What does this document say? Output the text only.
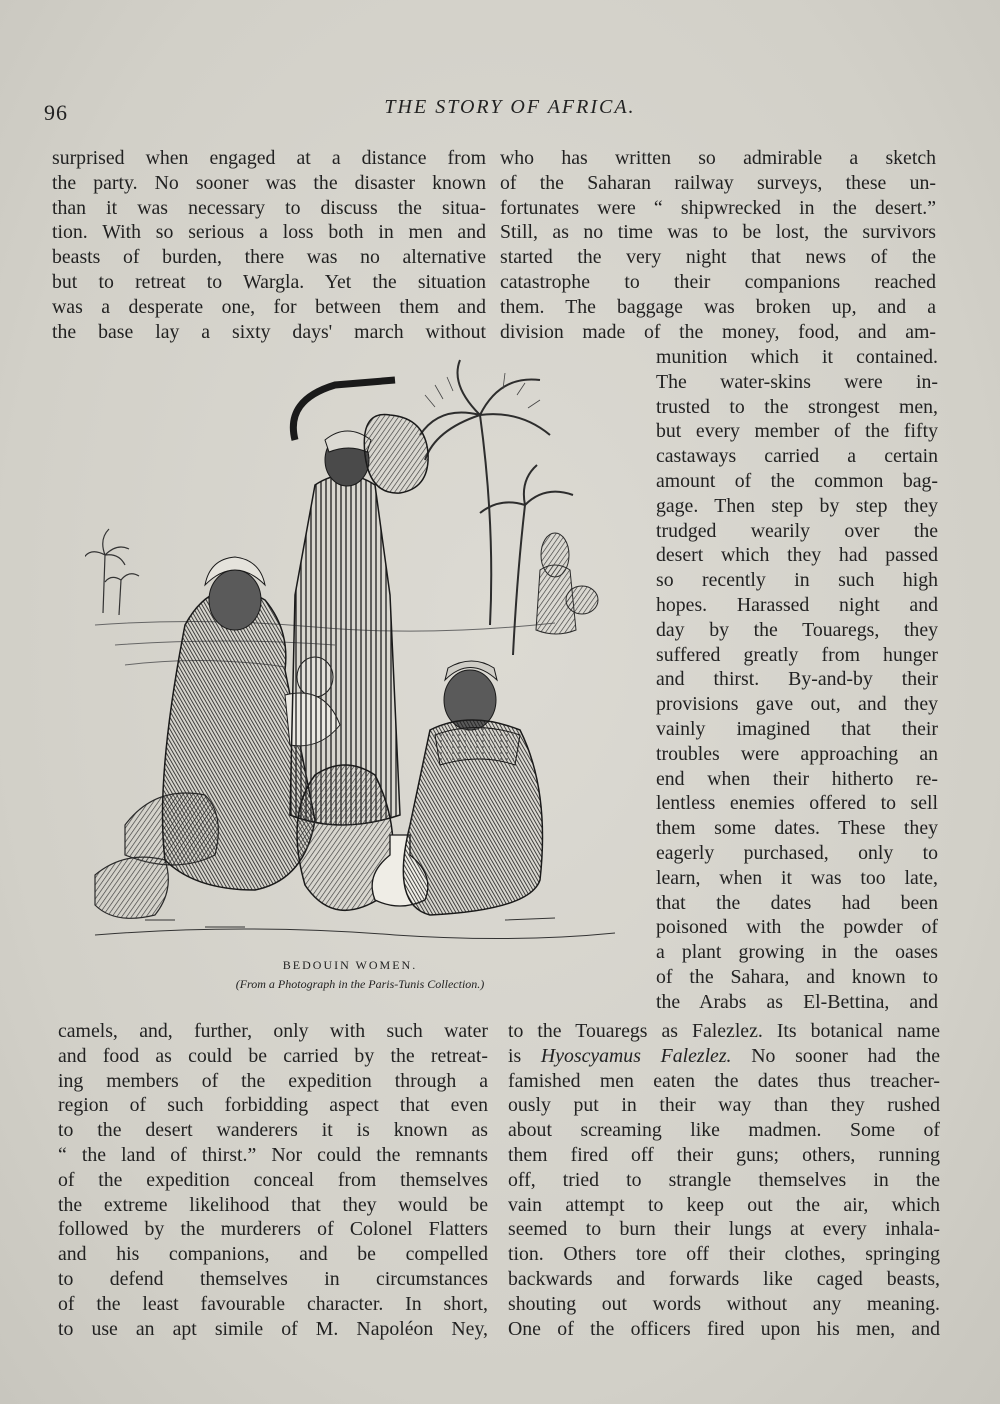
96	THE STORY OF AFRICA.
surprised when engaged at a distance from
the party. No sooner was the disaster known
than it was necessary to discuss the situa-
tion. With so serious a loss both in men and
beasts of burden, there was no alternative
but to retreat to Wargla. Yet the situation
was a desperate one, for between them and
the base lay a sixty days' march without
who has written so admirable a sketch
of the Saharan railway surveys, these un-
fortunates were “ shipwrecked in the desert.”
Still, as no time was to be lost, the survivors
started the very night that news of the
catastrophe to their companions reached
them. The baggage was broken up, and a
division made of the money, food, and am-
munition which it contained.
The water-skins were in-
trusted to the strongest men,
but every member of the fifty
castaways carried a certain
amount of the common bag-
gage. Then step by step they
trudged wearily over the
desert which they had passed
so recently in such high
hopes. Harassed night and
day by the Touaregs, they
suffered greatly from hunger
and thirst. By-and-by their
provisions gave out, and they
vainly imagined that their
troubles were approaching an
end when their hitherto re-
lentless enemies offered to sell
them some dates. These they
eagerly purchased, only to
learn, when it was too late,
that the dates had been
poisoned with the powder of
a plant growing in the oases
of the Sahara, and known to
the Arabs as El-Bettina, and
BEDOUIN WOMEN.
(From a Photograph in the Paris-Tunis Collection.)
camels, and, further, only with such water
and food as could be carried by the retreat-
ing members of the expedition through a
region of such forbidding aspect that even
to the desert wanderers it is known as
“ the land of thirst.” Nor could the remnants
of the expedition conceal from themselves
the extreme likelihood that they would be
followed by the murderers of Colonel Flatters
and his companions, and be compelled
to defend themselves in circumstances
of the least favourable character. In short,
to use an apt simile of M. Napoléon Ney,
to the Touaregs as Falezlez. Its botanical name
is Hyoscyamus Falezlez. No sooner had the
famished men eaten the dates thus treacher-
ously put in their way than they rushed
about screaming like madmen. Some of
them fired off their guns; others, running
off, tried to strangle themselves in the
vain attempt to keep out the air, which
seemed to burn their lungs at every inhala-
tion. Others tore off their clothes, springing
backwards and forwards like caged beasts,
shouting out words without any meaning.
One of the officers fired upon his men, and
